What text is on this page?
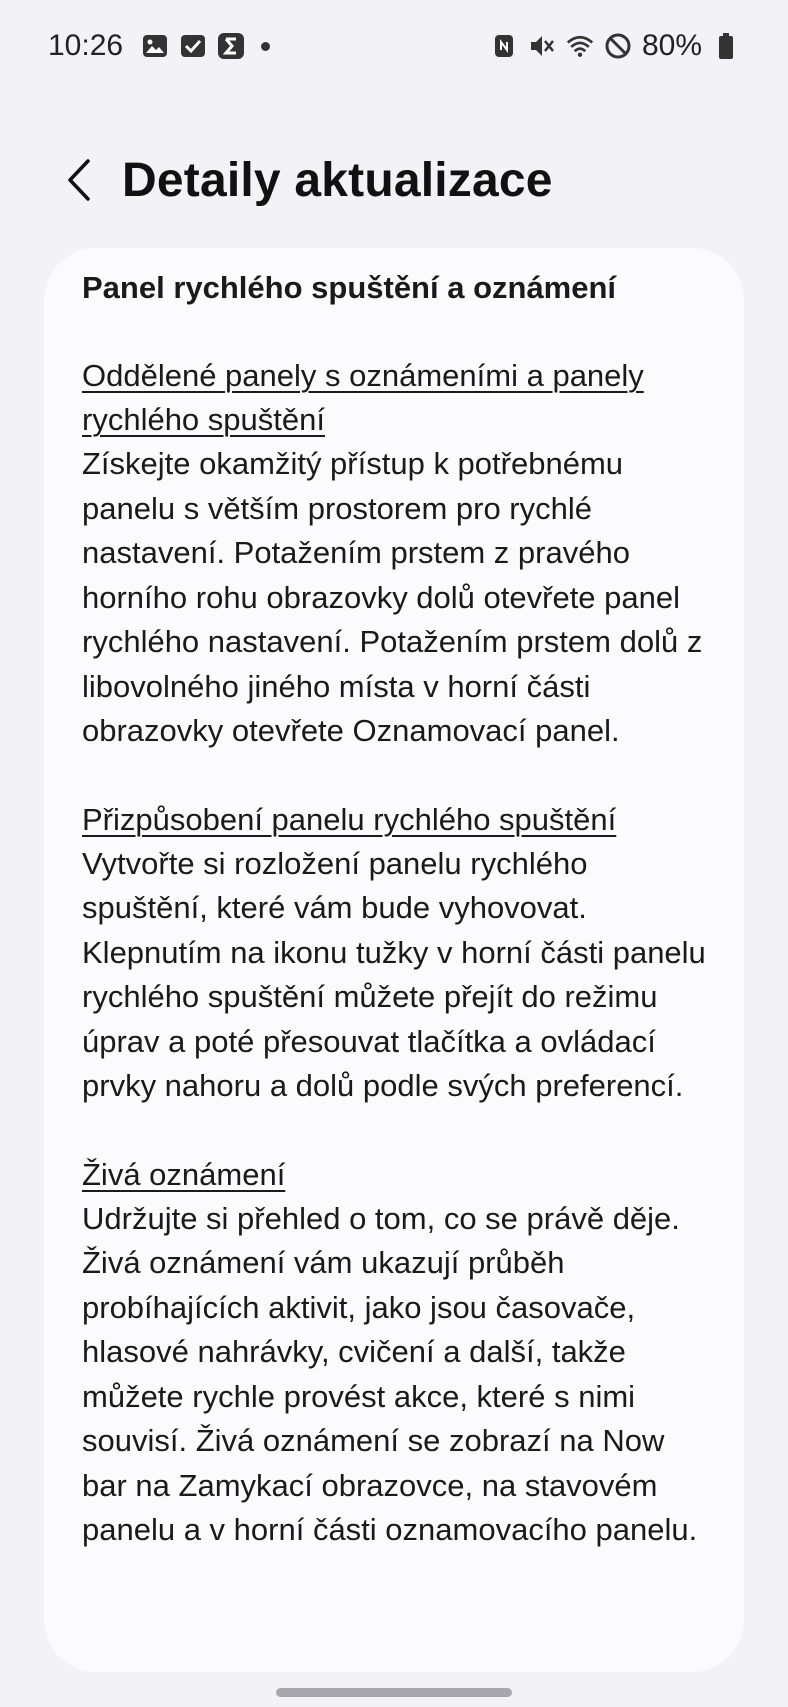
10:26	80%
Detaily aktualizace
Panel rychlého spuštění a oznámení
Oddělené panely s oznámeními a panely rychlého spuštění

Získejte okamžitý přístup k potřebnému panelu s větším prostorem pro rychlé nastavení. Potažením prstem z pravého horního rohu obrazovky dolů otevřete panel rychlého nastavení. Potažením prstem dolů z libovolného jiného místa v horní části obrazovky otevřete Oznamovací panel.

Přizpůsobení panelu rychlého spuštění

Vytvořte si rozložení panelu rychlého spuštění, které vám bude vyhovovat. Klepnutím na ikonu tužky v horní části panelu rychlého spuštění můžete přejít do režimu úprav a poté přesouvat tlačítka a ovládací prvky nahoru a dolů podle svých preferencí.

Živá oznámení

Udržujte si přehled o tom, co se právě děje. Živá oznámení vám ukazují průběh probíhajících aktivit, jako jsou časovače, hlasové nahrávky, cvičení a další, takže můžete rychle provést akce, které s nimi souvisí. Živá oznámení se zobrazí na Now bar na Zamykací obrazovce, na stavovém panelu a v horní části oznamovacího panelu.
